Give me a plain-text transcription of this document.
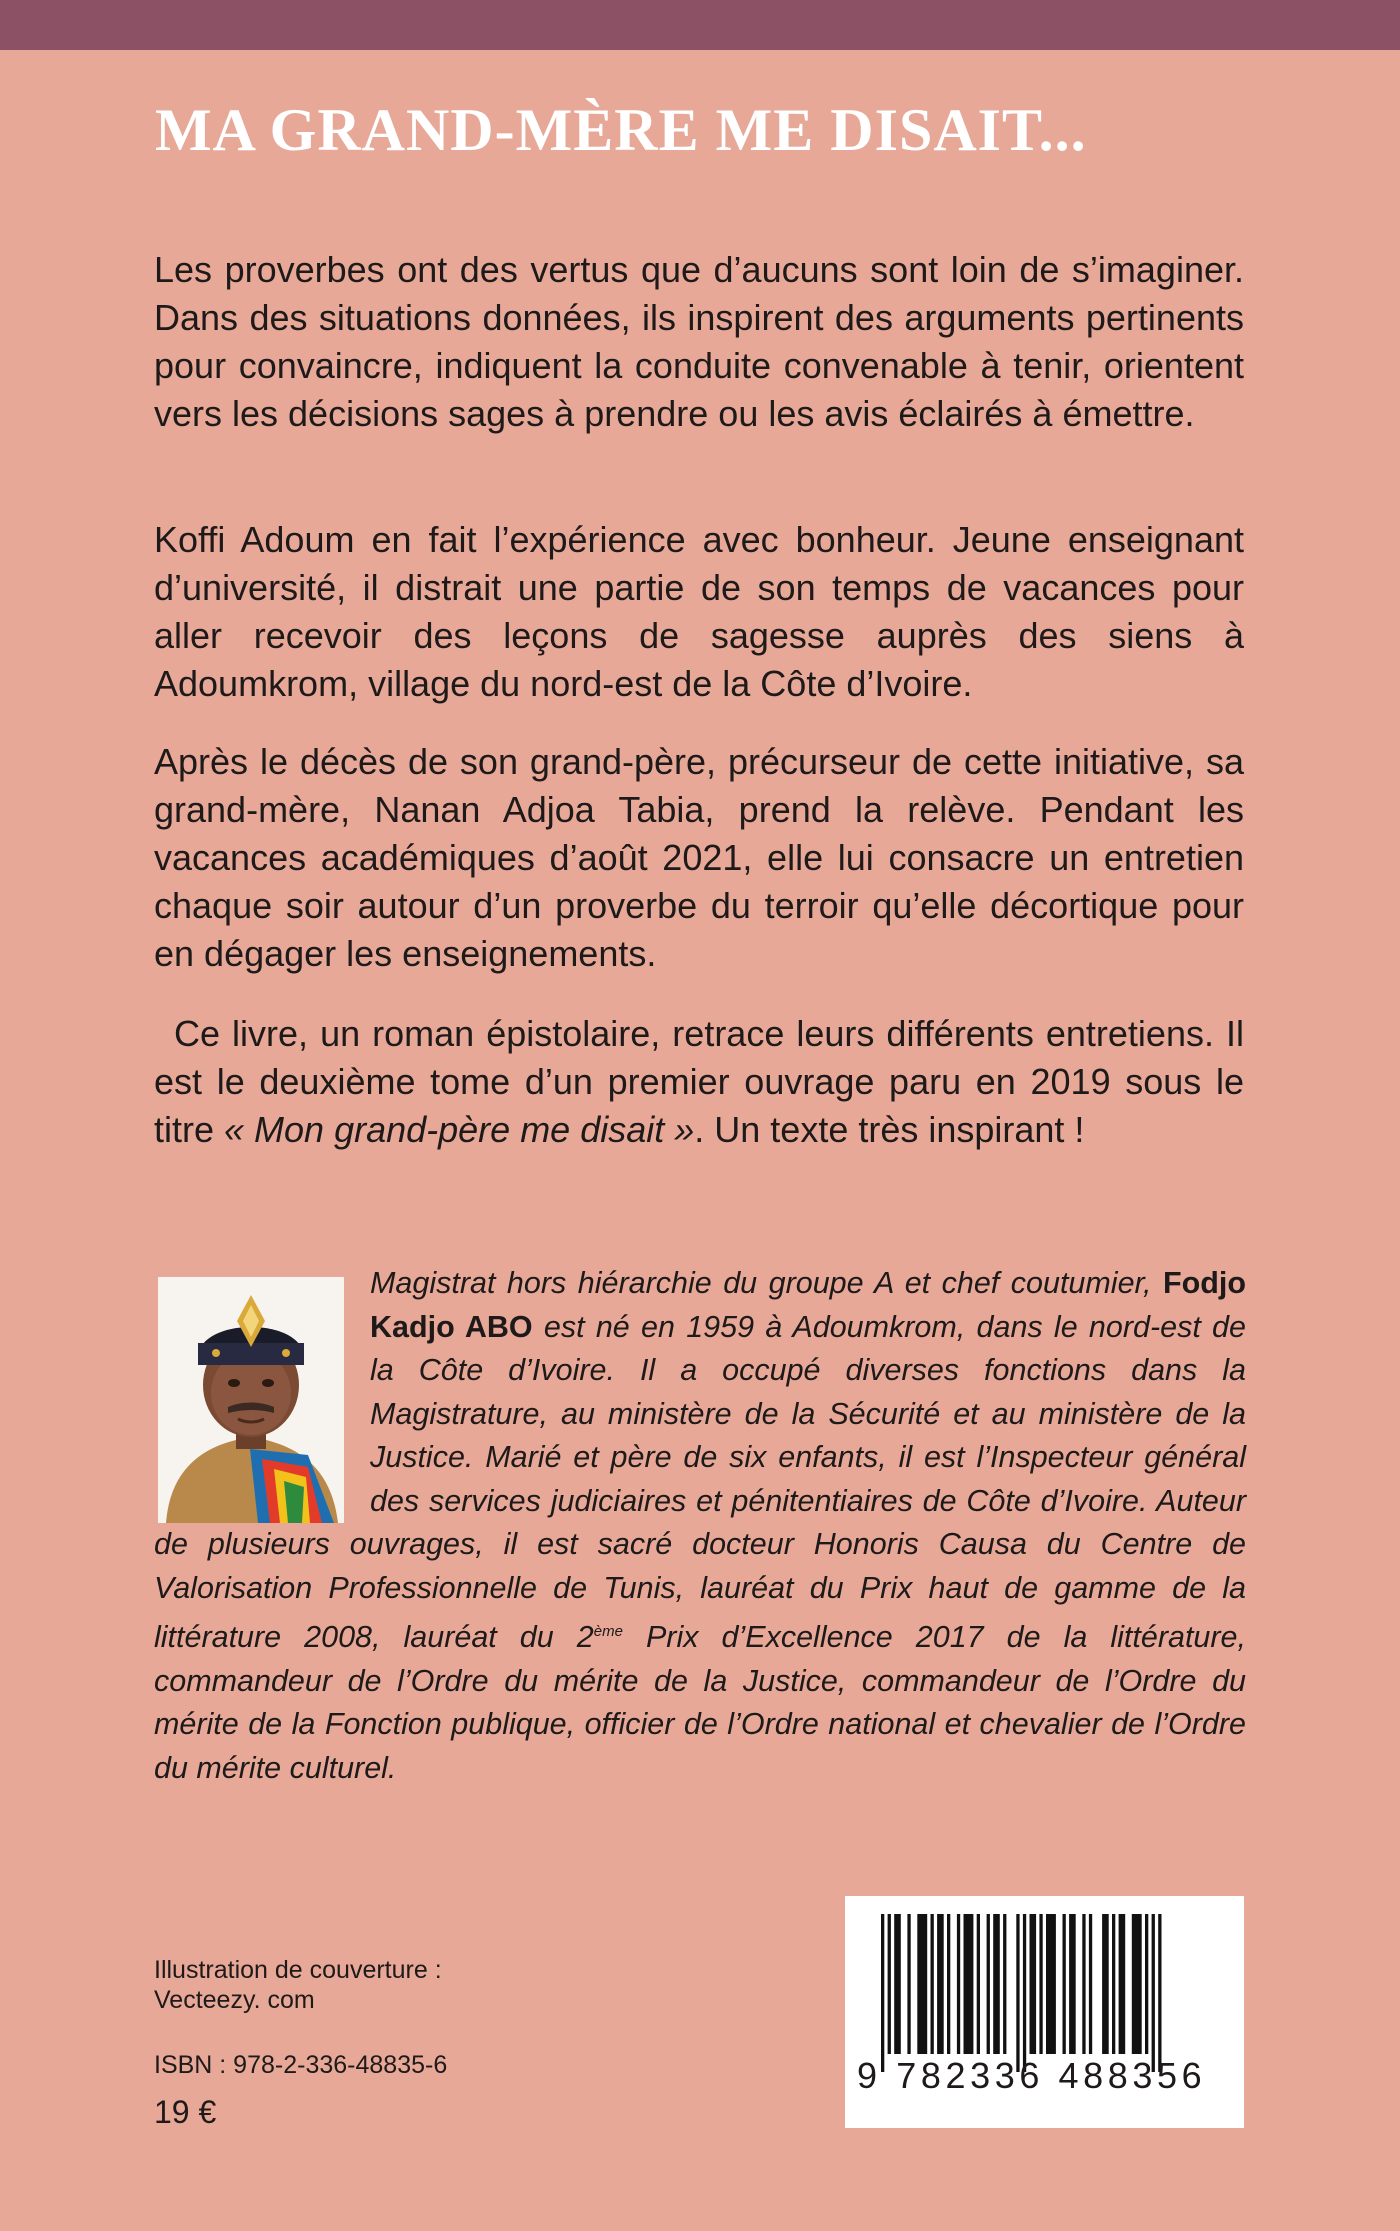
MA GRAND-MÈRE ME DISAIT...

Les proverbes ont des vertus que d’aucuns sont loin de s’imaginer. Dans des situations données, ils inspirent des arguments pertinents pour convaincre, indiquent la conduite convenable à tenir, orientent vers les décisions sages à prendre ou les avis éclairés à émettre.

Koffi Adoum en fait l’expérience avec bonheur. Jeune enseignant d’université, il distrait une partie de son temps de vacances pour aller recevoir des leçons de sagesse auprès des siens à Adoumkrom, village du nord-est de la Côte d’Ivoire.

Après le décès de son grand-père, précurseur de cette initiative, sa grand-mère, Nanan Adjoa Tabia, prend la relève. Pendant les vacances académiques d’août 2021, elle lui consacre un entretien chaque soir autour d’un proverbe du terroir qu’elle décortique pour en dégager les enseignements.

Ce livre, un roman épistolaire, retrace leurs différents entretiens. Il est le deuxième tome d’un premier ouvrage paru en 2019 sous le titre « Mon grand-père me disait ». Un texte très inspirant !

Magistrat hors hiérarchie du groupe A et chef coutumier, Fodjo Kadjo ABO est né en 1959 à Adoumkrom, dans le nord-est de la Côte d’Ivoire. Il a occupé diverses fonctions dans la Magistrature, au ministère de la Sécurité et au ministère de la Justice. Marié et père de six enfants, il est l’Inspecteur général des services judiciaires et pénitentiaires de Côte d’Ivoire. Auteur de plusieurs ouvrages, il est sacré docteur Honoris Causa du Centre de Valorisation Professionnelle de Tunis, lauréat du Prix haut de gamme de la littérature 2008, lauréat du 2ème Prix d’Excellence 2017 de la littérature, commandeur de l’Ordre du mérite de la Justice, commandeur de l’Ordre du mérite de la Fonction publique, officier de l’Ordre national et chevalier de l’Ordre du mérite culturel.

Illustration de couverture :
Vecteezy. com
ISBN : 978-2-336-48835-6
19 €
9 782336 488356
